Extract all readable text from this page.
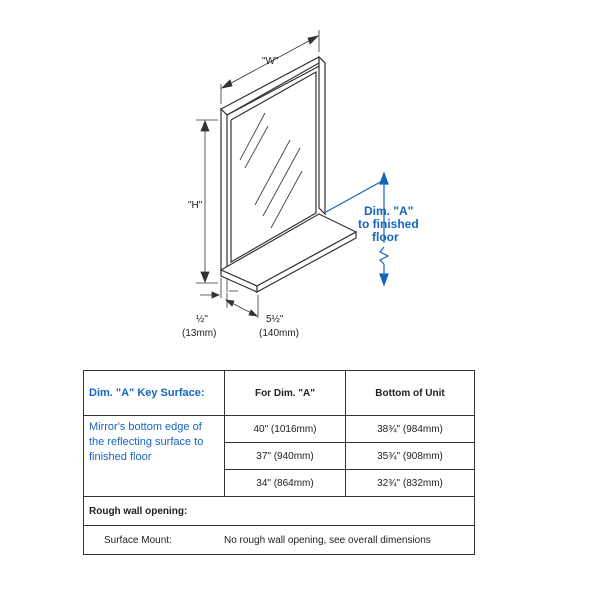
"W"
"H"	Dim. "A"
to finished
floor
5½"
(140mm)
½"
(13mm)
Dim. "A" Key Surface:	For Dim. "A"	Bottom of Unit
Mirror's bottom edge of the reflecting surface to finished floor	40" (1016mm)	38¾" (984mm)
	37" (940mm)	35¾" (908mm)
	34" (864mm)	32¾" (832mm)
Rough wall opening:		
Surface Mount: No rough wall opening, see overall dimensions		
